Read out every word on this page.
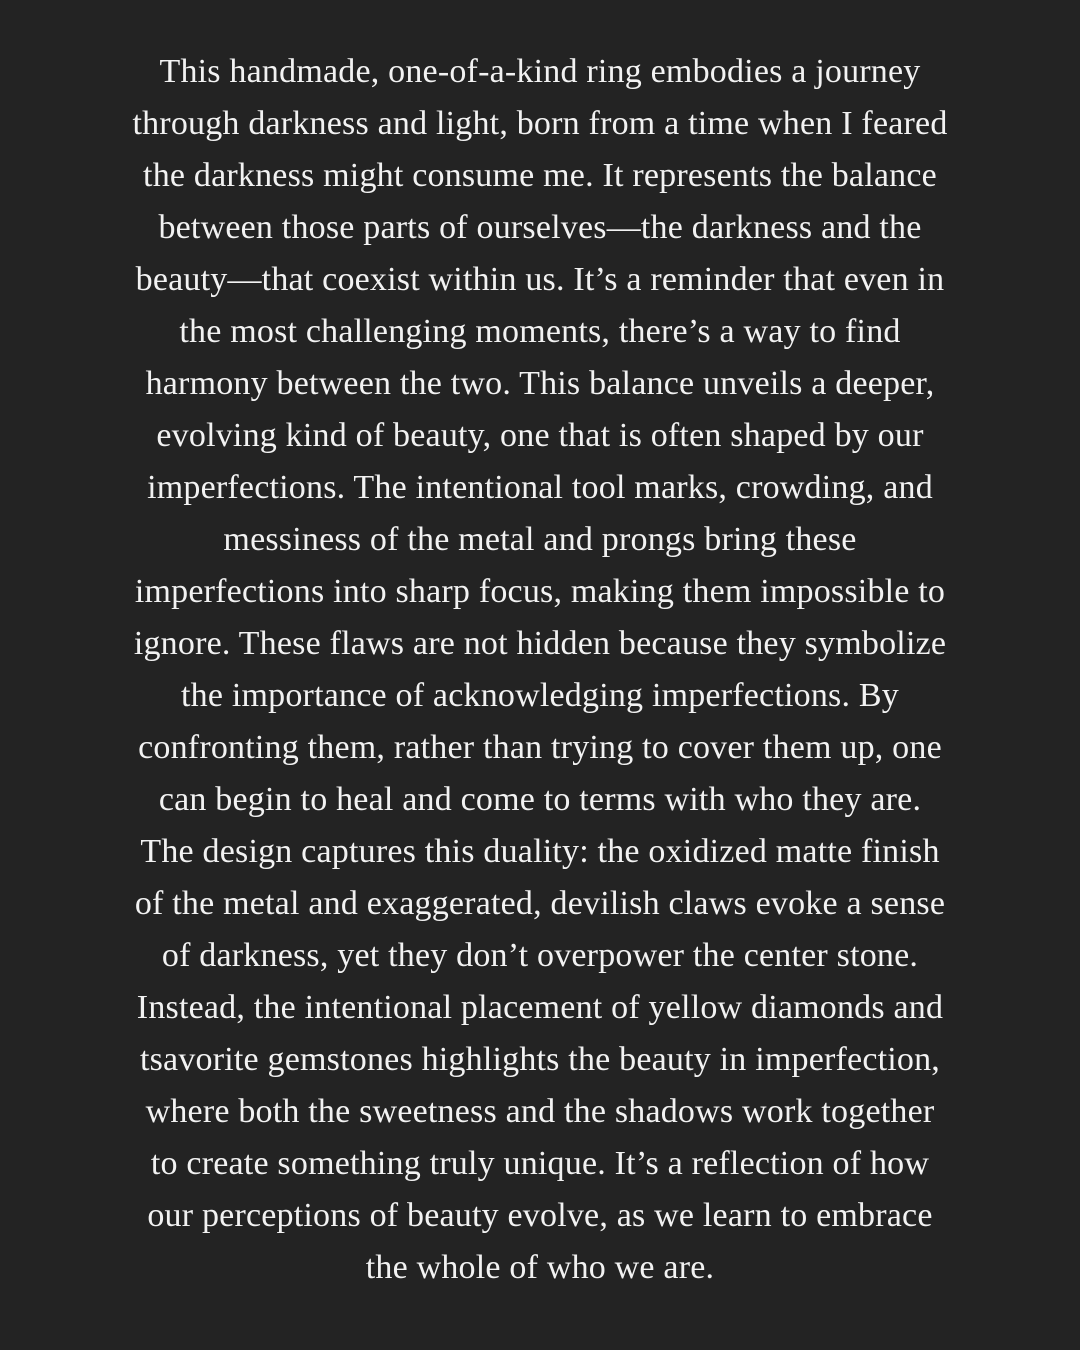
This handmade, one-of-a-kind ring embodies a journey
through darkness and light, born from a time when I feared
the darkness might consume me. It represents the balance
between those parts of ourselves—the darkness and the
beauty—that coexist within us. It’s a reminder that even in
the most challenging moments, there’s a way to find
harmony between the two. This balance unveils a deeper,
evolving kind of beauty, one that is often shaped by our
imperfections. The intentional tool marks, crowding, and
messiness of the metal and prongs bring these
imperfections into sharp focus, making them impossible to
ignore. These flaws are not hidden because they symbolize
the importance of acknowledging imperfections. By
confronting them, rather than trying to cover them up, one
can begin to heal and come to terms with who they are.
The design captures this duality: the oxidized matte finish
of the metal and exaggerated, devilish claws evoke a sense
of darkness, yet they don’t overpower the center stone.
Instead, the intentional placement of yellow diamonds and
tsavorite gemstones highlights the beauty in imperfection,
where both the sweetness and the shadows work together
to create something truly unique. It’s a reflection of how
our perceptions of beauty evolve, as we learn to embrace
the whole of who we are.
